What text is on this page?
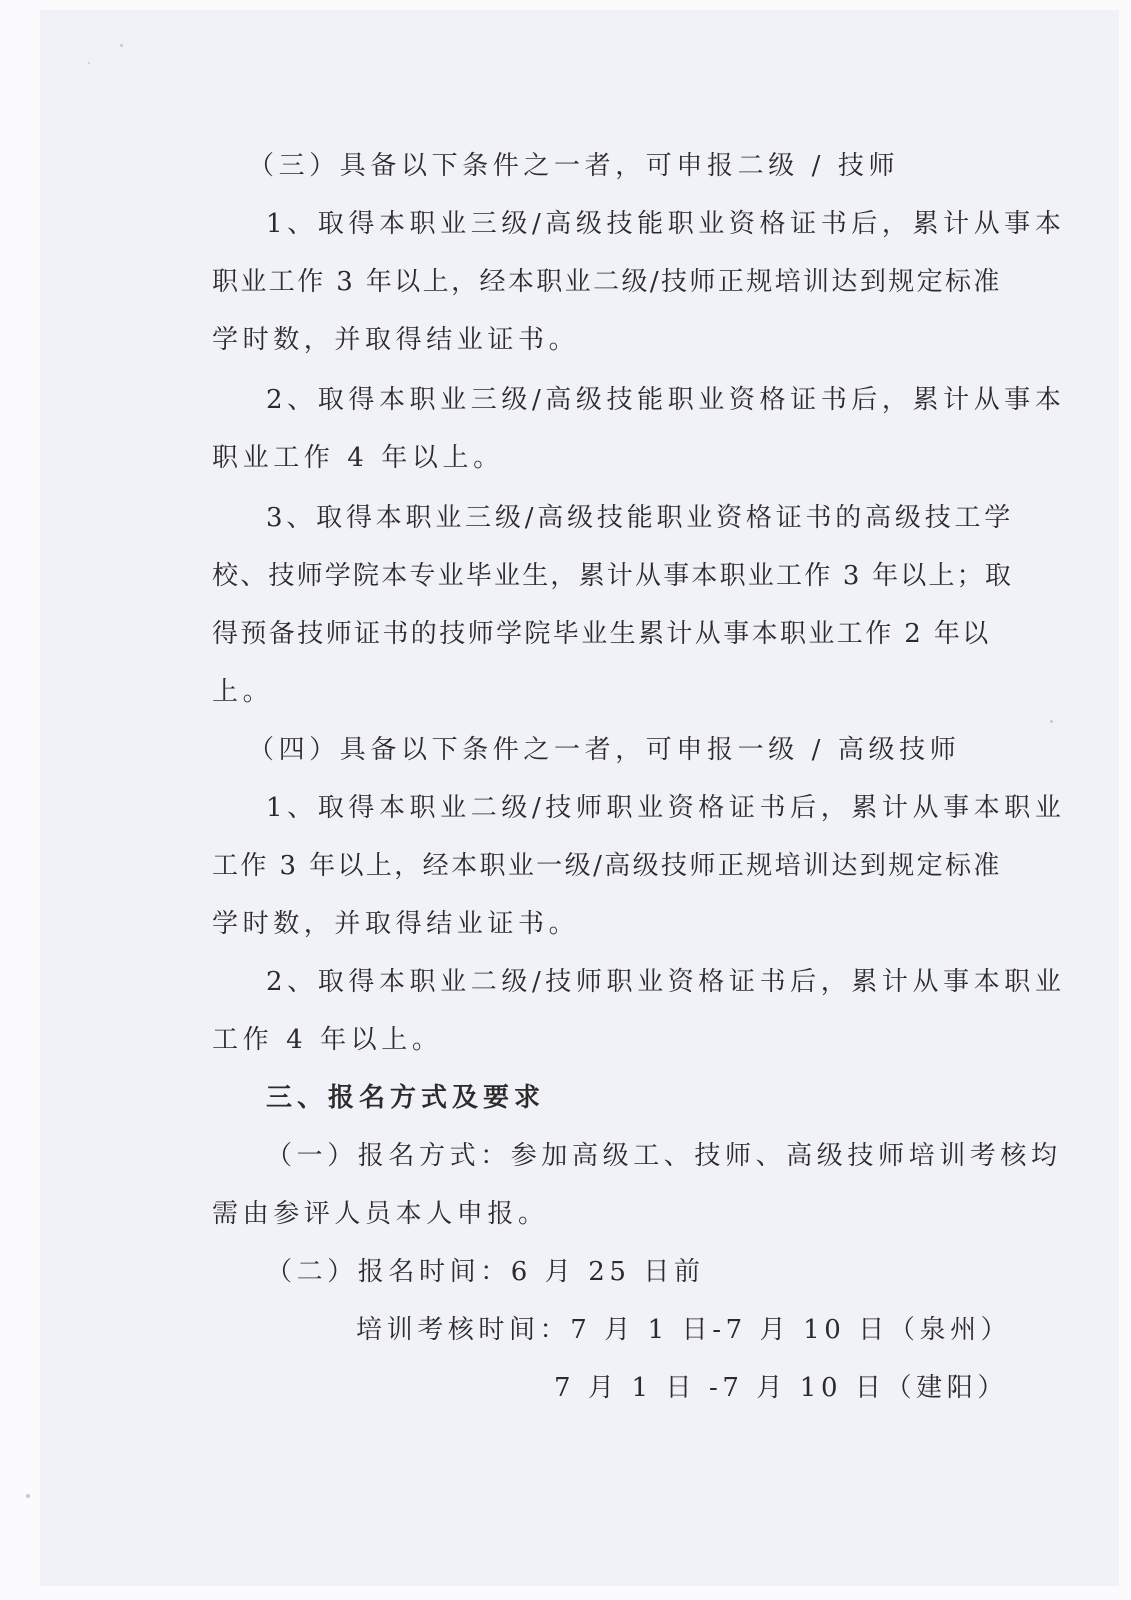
（三）具备以下条件之一者，可申报二级 / 技师
1、取得本职业三级/高级技能职业资格证书后，累计从事本
职业工作 3 年以上，经本职业二级/技师正规培训达到规定标准
学时数，并取得结业证书。
2、取得本职业三级/高级技能职业资格证书后，累计从事本
职业工作 4 年以上。
3、取得本职业三级/高级技能职业资格证书的高级技工学
校、技师学院本专业毕业生，累计从事本职业工作 3 年以上；取
得预备技师证书的技师学院毕业生累计从事本职业工作 2 年以
上。
（四）具备以下条件之一者，可申报一级 / 高级技师
1、取得本职业二级/技师职业资格证书后，累计从事本职业
工作 3 年以上，经本职业一级/高级技师正规培训达到规定标准
学时数，并取得结业证书。
2、取得本职业二级/技师职业资格证书后，累计从事本职业
工作 4 年以上。
三、报名方式及要求
（一）报名方式：参加高级工、技师、高级技师培训考核均
需由参评人员本人申报。
（二）报名时间：6 月 25 日前
培训考核时间：7 月 1 日-7 月 10 日（泉州）
7 月 1 日 -7 月 10 日（建阳）
